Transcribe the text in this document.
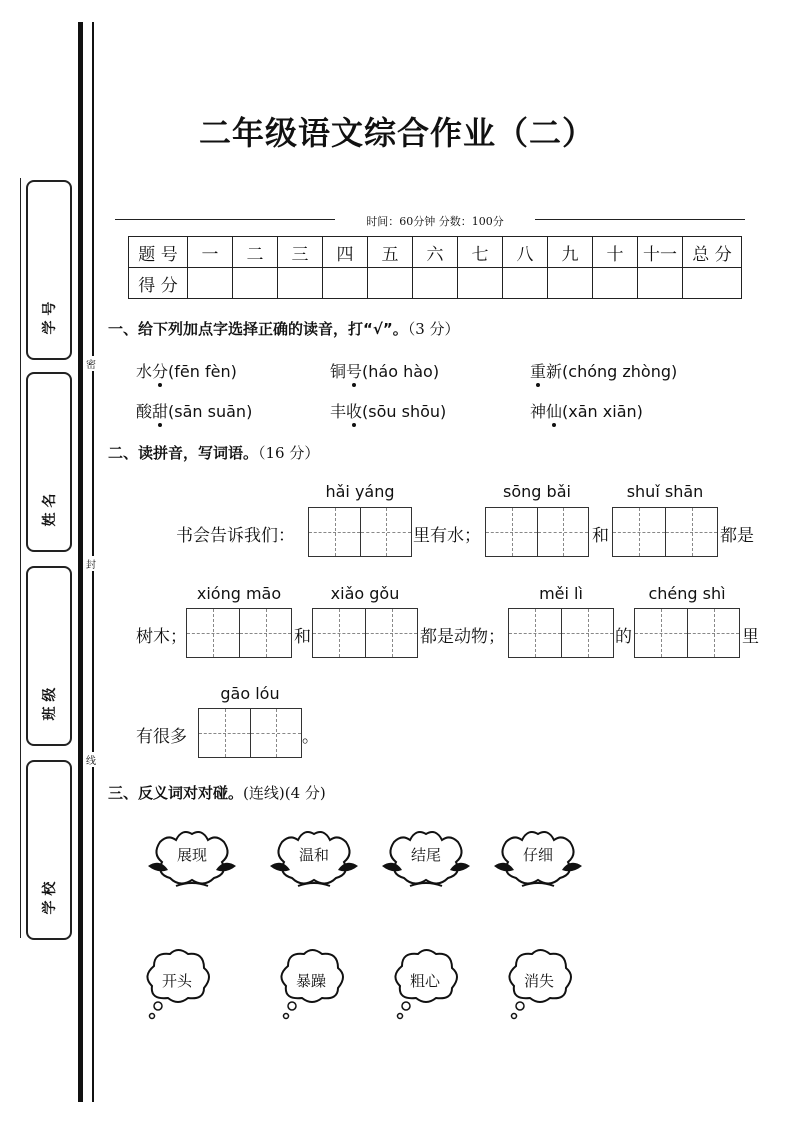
学 号
姓 名
班 级
学 校
密
封
线
二年级语文综合作业（二）
时间：60分钟 分数：100分
题 号	一	二	三	四	五	六	七	八	九	十	十一	总 分
得 分												
一、给下列加点字选择正确的读音，打“√”。（3 分）
水分(fēn fèn)	铜号(háo hào)	重新(chóng zhòng)
酸甜(sān suān)	丰收(sōu shōu)	神仙(xān xiān)
二、读拼音，写词语。（16 分）
hǎi yáng	sōng bǎi	shuǐ shān
书会告诉我们：	里有水；	和	都是
xióng māo	xiǎo gǒu	měi lì	chéng shì
树木；	和	都是动物；	的	里
gāo lóu
有很多	。
三、反义词对对碰。(连线)(4 分)
展现	温和	结尾	仔细
开头	暴躁	粗心	消失
